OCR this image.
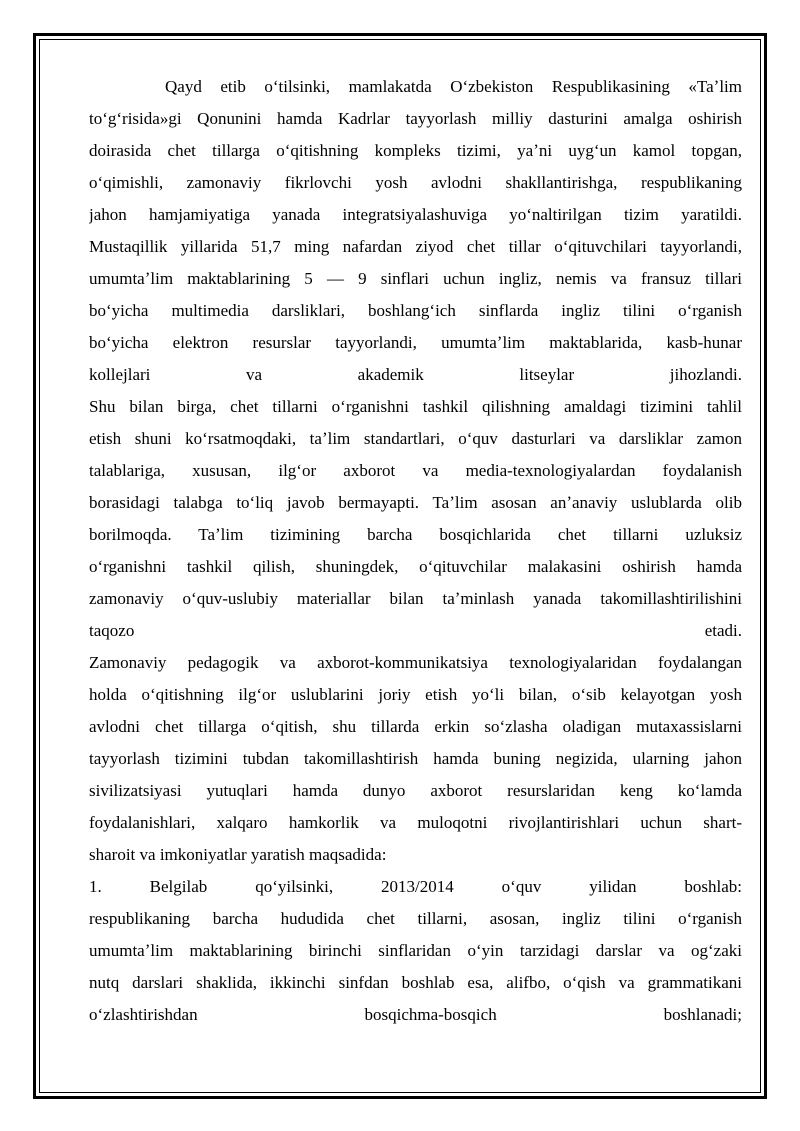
Qayd etib oʻtilsinki, mamlakatda Oʻzbekiston Respublikasining «Taʼlim
toʻgʻrisida»gi Qonunini hamda Kadrlar tayyorlash milliy dasturini amalga oshirish
doirasida chet tillarga oʻqitishning kompleks tizimi, yaʼni uygʻun kamol topgan,
oʻqimishli, zamonaviy fikrlovchi yosh avlodni shakllantirishga, respublikaning
jahon hamjamiyatiga yanada integratsiyalashuviga yoʻnaltirilgan tizim yaratildi.
Mustaqillik yillarida 51,7 ming nafardan ziyod chet tillar oʻqituvchilari tayyorlandi,
umumtaʼlim maktablarining 5 — 9 sinflari uchun ingliz, nemis va fransuz tillari
boʻyicha multimedia darsliklari, boshlangʻich sinflarda ingliz tilini oʻrganish
boʻyicha elektron resurslar tayyorlandi, umumtaʼlim maktablarida, kasb-hunar
kollejlari va akademik litseylar jihozlandi.
Shu bilan birga, chet tillarni oʻrganishni tashkil qilishning amaldagi tizimini tahlil
etish shuni koʻrsatmoqdaki, taʼlim standartlari, oʻquv dasturlari va darsliklar zamon
talablariga, xususan, ilgʻor axborot va media-texnologiyalardan foydalanish
borasidagi talabga toʻliq javob bermayapti. Taʼlim asosan anʼanaviy uslublarda olib
borilmoqda. Taʼlim tizimining barcha bosqichlarida chet tillarni uzluksiz
oʻrganishni tashkil qilish, shuningdek, oʻqituvchilar malakasini oshirish hamda
zamonaviy oʻquv-uslubiy materiallar bilan taʼminlash yanada takomillashtirilishini
taqozo etadi.
Zamonaviy pedagogik va axborot-kommunikatsiya texnologiyalaridan foydalangan
holda oʻqitishning ilgʻor uslublarini joriy etish yoʻli bilan, oʻsib kelayotgan yosh
avlodni chet tillarga oʻqitish, shu tillarda erkin soʻzlasha oladigan mutaxassislarni
tayyorlash tizimini tubdan takomillashtirish hamda buning negizida, ularning jahon
sivilizatsiyasi yutuqlari hamda dunyo axborot resurslaridan keng koʻlamda
foydalanishlari, xalqaro hamkorlik va muloqotni rivojlantirishlari uchun shart-
sharoit va imkoniyatlar yaratish maqsadida:
1. Belgilab qoʻyilsinki, 2013/2014 oʻquv yilidan boshlab:
respublikaning barcha hududida chet tillarni, asosan, ingliz tilini oʻrganish
umumtaʼlim maktablarining birinchi sinflaridan oʻyin tarzidagi darslar va ogʻzaki
nutq darslari shaklida, ikkinchi sinfdan boshlab esa, alifbo, oʻqish va grammatikani
oʻzlashtirishdan bosqichma-bosqich boshlanadi;
